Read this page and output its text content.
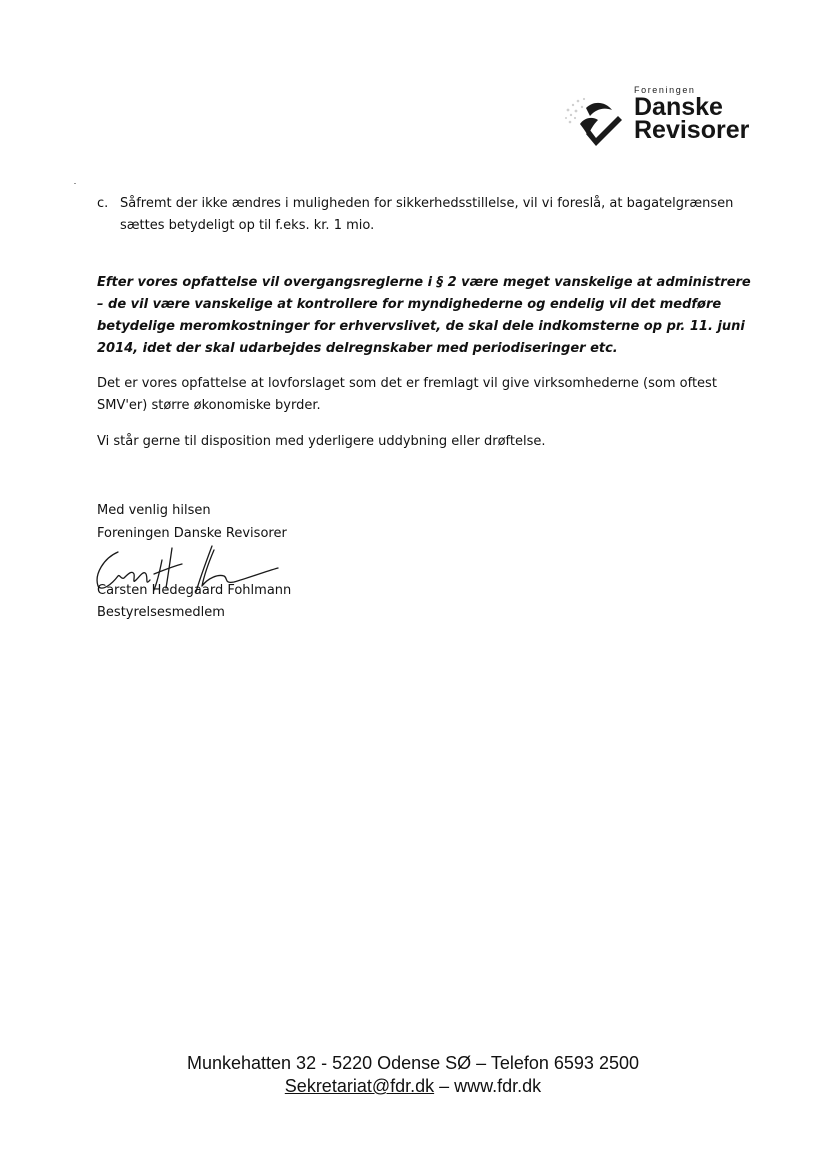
Foreningen
Danske
Revisorer
c. Såfremt der ikke ændres i muligheden for sikkerhedsstillelse, vil vi foreslå, at bagatelgrænsen sættes betydeligt op til f.eks. kr. 1 mio.

Efter vores opfattelse vil overgangsreglerne i § 2 være meget vanskelige at administrere – de vil være vanskelige at kontrollere for myndighederne og endelig vil det medføre betydelige meromkostninger for erhvervslivet, de skal dele indkomsterne op pr. 11. juni 2014, idet der skal udarbejdes delregnskaber med periodiseringer etc.

Det er vores opfattelse at lovforslaget som det er fremlagt vil give virksomhederne (som oftest SMV'er) større økonomiske byrder.

Vi står gerne til disposition med yderligere uddybning eller drøftelse.

Med venlig hilsen

Foreningen Danske Revisorer

Carsten Hedegaard Fohlmann

Bestyrelsesmedlem

Munkehatten 32 - 5220 Odense SØ – Telefon 6593 2500
Sekretariat@fdr.dk – www.fdr.dk
